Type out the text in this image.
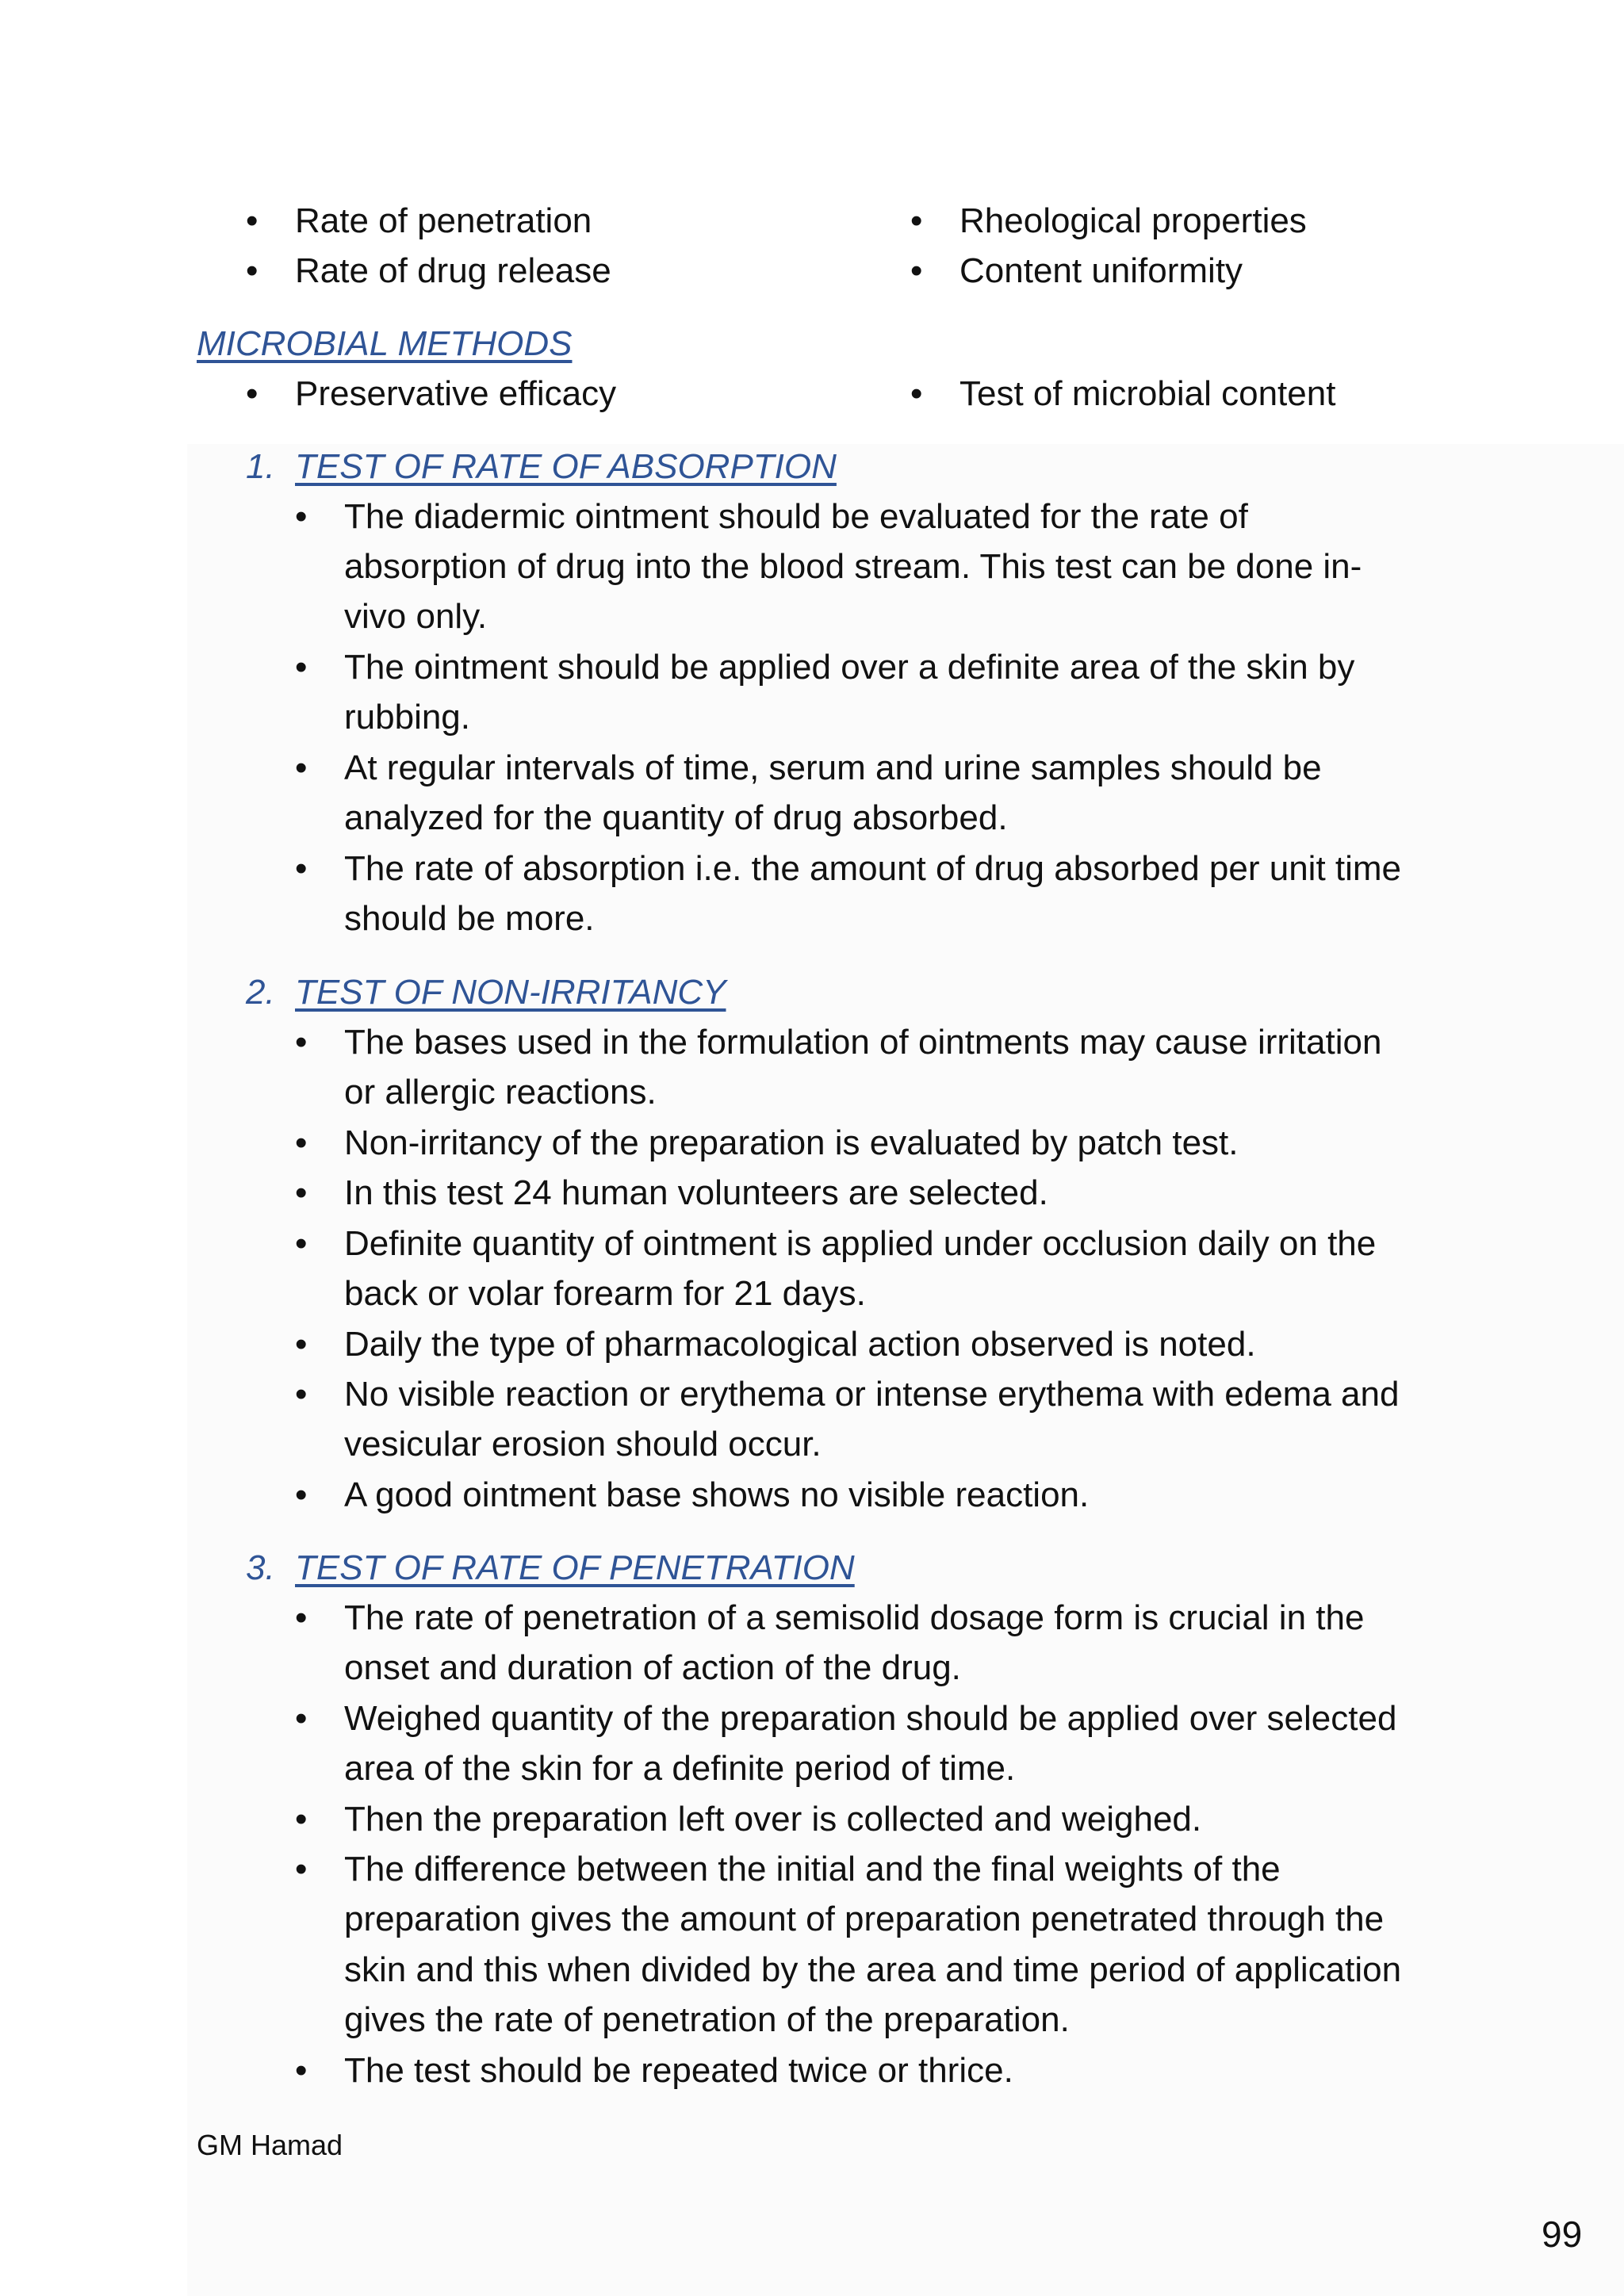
•
Rate of penetration •	Rheological properties
•
Rate of drug release •	Content uniformity
MICROBIAL METHODS
•
Preservative efficacy •	Test of microbial content
1. TEST OF RATE OF ABSORPTION
•
The diadermic ointment should be evaluated for the rate of
absorption of drug into the blood stream. This test can be done in-
vivo only.
•
The ointment should be applied over a definite area of the skin by
rubbing.
•
At regular intervals of time, serum and urine samples should be
analyzed for the quantity of drug absorbed.
•
The rate of absorption i.e. the amount of drug absorbed per unit time
should be more.
2. TEST OF NON-IRRITANCY
•
The bases used in the formulation of ointments may cause irritation
or allergic reactions.
•
Non-irritancy of the preparation is evaluated by patch test.
•
In this test 24 human volunteers are selected.
•
Definite quantity of ointment is applied under occlusion daily on the
back or volar forearm for 21 days.
•
Daily the type of pharmacological action observed is noted.
•
No visible reaction or erythema or intense erythema with edema and
vesicular erosion should occur.
•
A good ointment base shows no visible reaction.
3. TEST OF RATE OF PENETRATION
•
The rate of penetration of a semisolid dosage form is crucial in the
onset and duration of action of the drug.
•
Weighed quantity of the preparation should be applied over selected
area of the skin for a definite period of time.
•
Then the preparation left over is collected and weighed.
•
The difference between the initial and the final weights of the
preparation gives the amount of preparation penetrated through the
skin and this when divided by the area and time period of application
gives the rate of penetration of the preparation.
•
The test should be repeated twice or thrice.
GM Hamad
99
